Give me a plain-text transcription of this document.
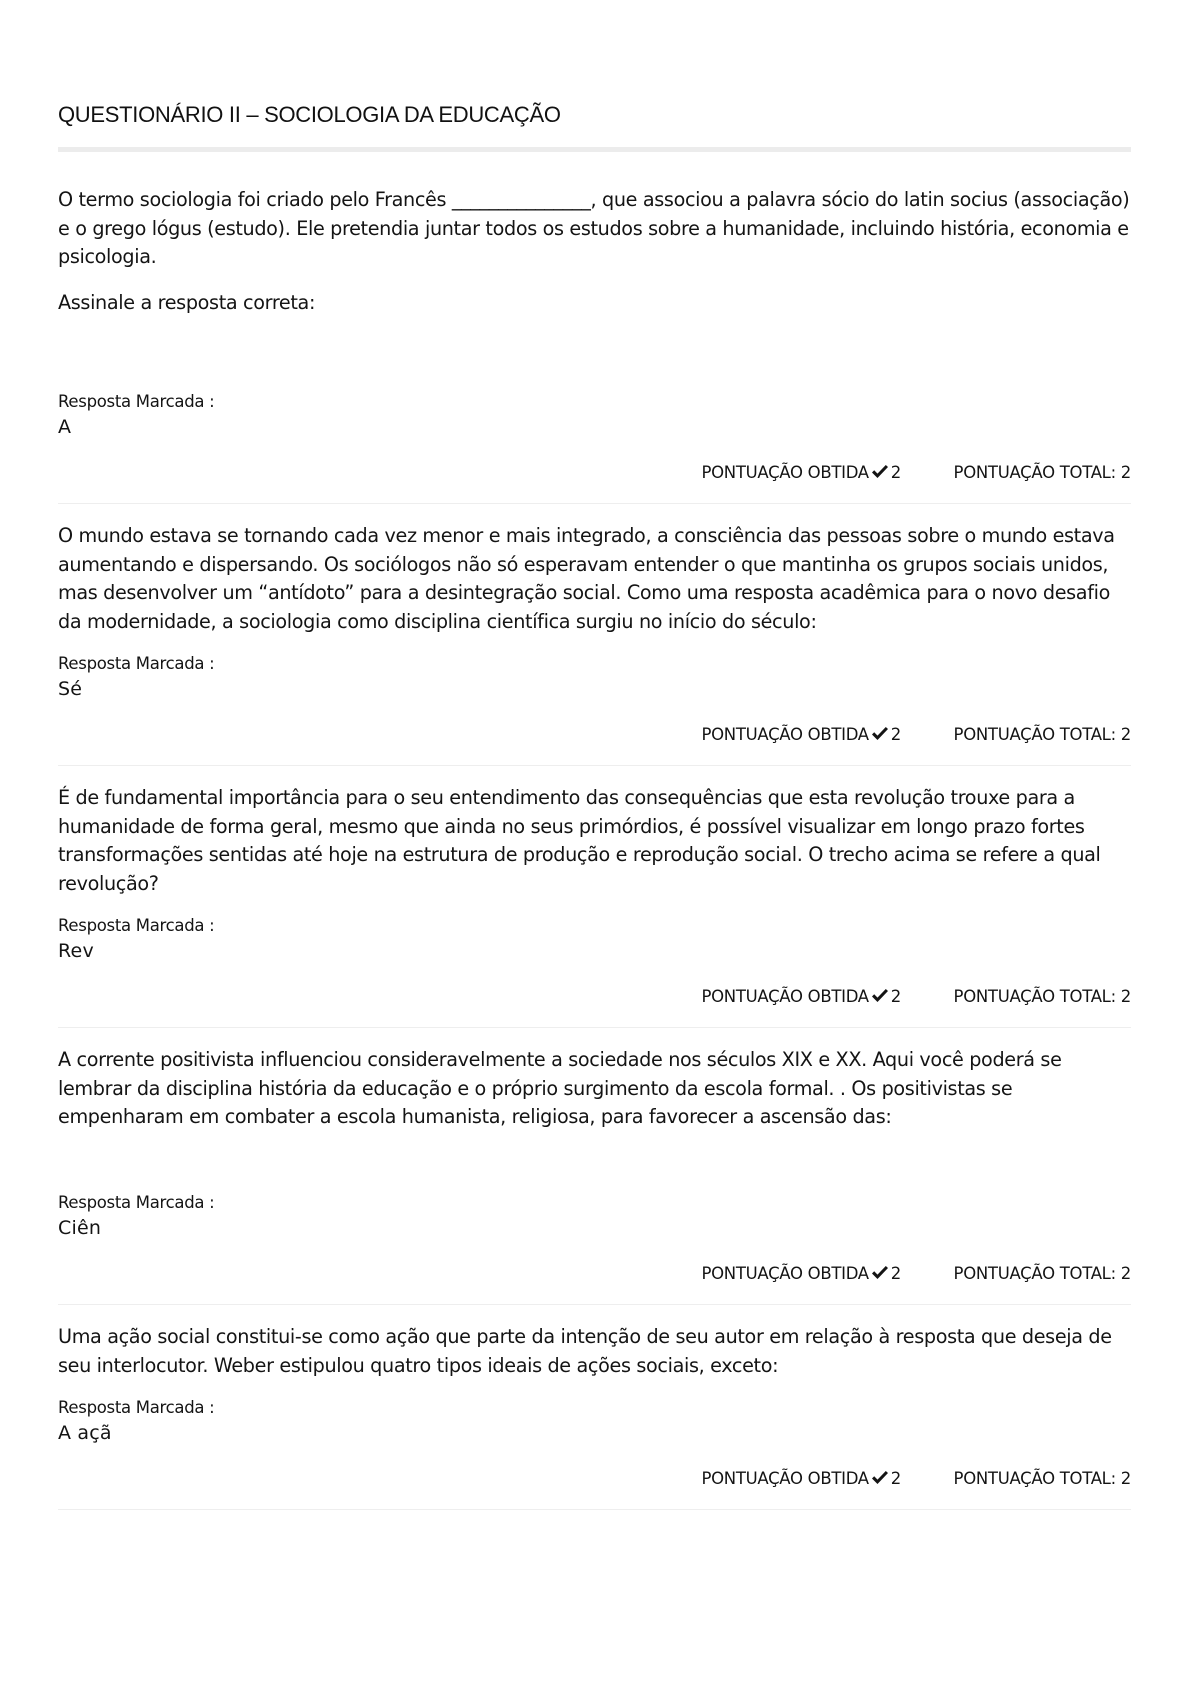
QUESTIONÁRIO II – SOCIOLOGIA DA EDUCAÇÃO

O termo sociologia foi criado pelo Francês _______________, que associou a palavra sócio do latin socius (associação) e o grego lógus (estudo). Ele pretendia juntar todos os estudos sobre a humanidade, incluindo história, economia e psicologia.

Assinale a resposta correta:

Resposta Marcada :
A
PONTUAÇÃO OBTIDA 2	PONTUAÇÃO TOTAL: 2

O mundo estava se tornando cada vez menor e mais integrado, a consciência das pessoas sobre o mundo estava aumentando e dispersando. Os sociólogos não só esperavam entender o que mantinha os grupos sociais unidos, mas desenvolver um “antídoto” para a desintegração social. Como uma resposta acadêmica para o novo desafio da modernidade, a sociologia como disciplina científica surgiu no início do século:

Resposta Marcada :
Sé
PONTUAÇÃO OBTIDA 2	PONTUAÇÃO TOTAL: 2

É de fundamental importância para o seu entendimento das consequências que esta revolução trouxe para a humanidade de forma geral, mesmo que ainda no seus primórdios, é possível visualizar em longo prazo fortes transformações sentidas até hoje na estrutura de produção e reprodução social. O trecho acima se refere a qual revolução?

Resposta Marcada :
Rev
PONTUAÇÃO OBTIDA 2	PONTUAÇÃO TOTAL: 2

A corrente positivista influenciou consideravelmente a sociedade nos séculos XIX e XX. Aqui você poderá se lembrar da disciplina história da educação e o próprio surgimento da escola formal. . Os positivistas se empenharam em combater a escola humanista, religiosa, para favorecer a ascensão das:

Resposta Marcada :
Ciên
PONTUAÇÃO OBTIDA 2	PONTUAÇÃO TOTAL: 2

Uma ação social constitui-se como ação que parte da intenção de seu autor em relação à resposta que deseja de seu interlocutor. Weber estipulou quatro tipos ideais de ações sociais, exceto:

Resposta Marcada :
A açã
PONTUAÇÃO OBTIDA 2	PONTUAÇÃO TOTAL: 2
